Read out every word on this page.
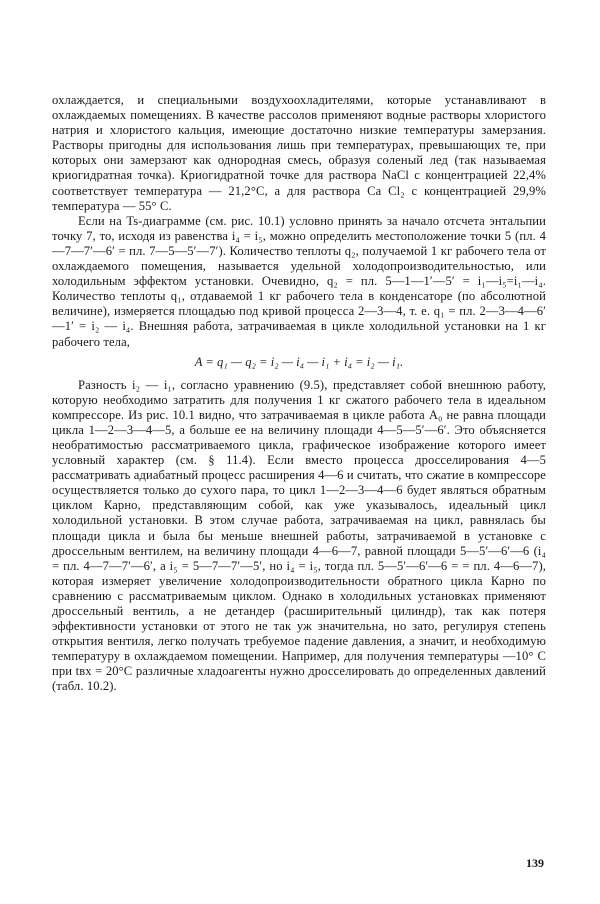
охлаждается, и специальными воздухоохладителями, которые устанавливают в охлаждаемых помещениях. В качестве рассолов применяют водные растворы хлористого натрия и хлористого кальция, имеющие достаточно низкие температуры замерзания. Растворы пригодны для использования лишь при температурах, превышающих те, при которых они замерзают как однородная смесь, образуя соленый лед (так называемая криогидратная точка). Криогидратной точке для раствора NaCl с концентрацией 22,4% соответствует температура — 21,2°С, а для раствора Са Сl₂ с концентрацией 29,9% температура — 55° С.

Если на Ts-диаграмме (см. рис. 10.1) условно принять за начало отсчета энтальпии точку 7, то, исходя из равенства i₄ = i₅, можно определить местоположение точки 5 (пл. 4—7—7′—6′ = пл. 7—5—5′—7′). Количество теплоты q₂, получаемой 1 кг рабочего тела от охлаждаемого помещения, называется удельной холодопроизводительностью, или холодильным эффектом установки. Очевидно, q₂ = пл. 5—1—1′—5′ = i₁—i₅=i₁—i₄. Количество теплоты q₁, отдаваемой 1 кг рабочего тела в конденсаторе (по абсолютной величине), измеряется площадью под кривой процесса 2—3—4, т. е. q₁ = пл. 2—3—4—6′—1′ = i₂ — i₄. Внешняя работа, затрачиваемая в цикле холодильной установки на 1 кг рабочего тела,

A = q₁ — q₂ = i₂ — i₄ — i₁ + i₄ = i₂ — i₁.

Разность i₂ — i₁, согласно уравнению (9.5), представляет собой внешнюю работу, которую необходимо затратить для получения 1 кг сжатого рабочего тела в идеальном компрессоре. Из рис. 10.1 видно, что затрачиваемая в цикле работа A₀ не равна площади цикла 1—2—3—4—5, а больше ее на величину площади 4—5—5′—6′. Это объясняется необратимостью рассматриваемого цикла, графическое изображение которого имеет условный характер (см. § 11.4). Если вместо процесса дросселирования 4—5 рассматривать адиабатный процесс расширения 4—6 и считать, что сжатие в компрессоре осуществляется только до сухого пара, то цикл 1—2—3—4—6 будет являться обратным циклом Карно, представляющим собой, как уже указывалось, идеальный цикл холодильной установки. В этом случае работа, затрачиваемая на цикл, равнялась бы площади цикла и была бы меньше внешней работы, затрачиваемой в установке с дроссельным вентилем, на величину площади 4—6—7, равной площади 5—5′—6′—6 (i₄ = пл. 4—7—7′—6′, а i₅ = 5—7—7′—5′, но i₄ = i₅, тогда пл. 5—5′—6′—6 = = пл. 4—6—7), которая измеряет увеличение холодопроизводительности обратного цикла Карно по сравнению с рассматриваемым циклом. Однако в холодильных установках применяют дроссельный вентиль, а не детандер (расширительный цилиндр), так как потеря эффективности установки от этого не так уж значительна, но зато, регулируя степень открытия вентиля, легко получать требуемое падение давления, а значит, и необходимую температуру в охлаждаемом помещении. Например, для получения температуры —10° С при tвх = 20°С различные хладоагенты нужно дросселировать до определенных давлений (табл. 10.2).

139
